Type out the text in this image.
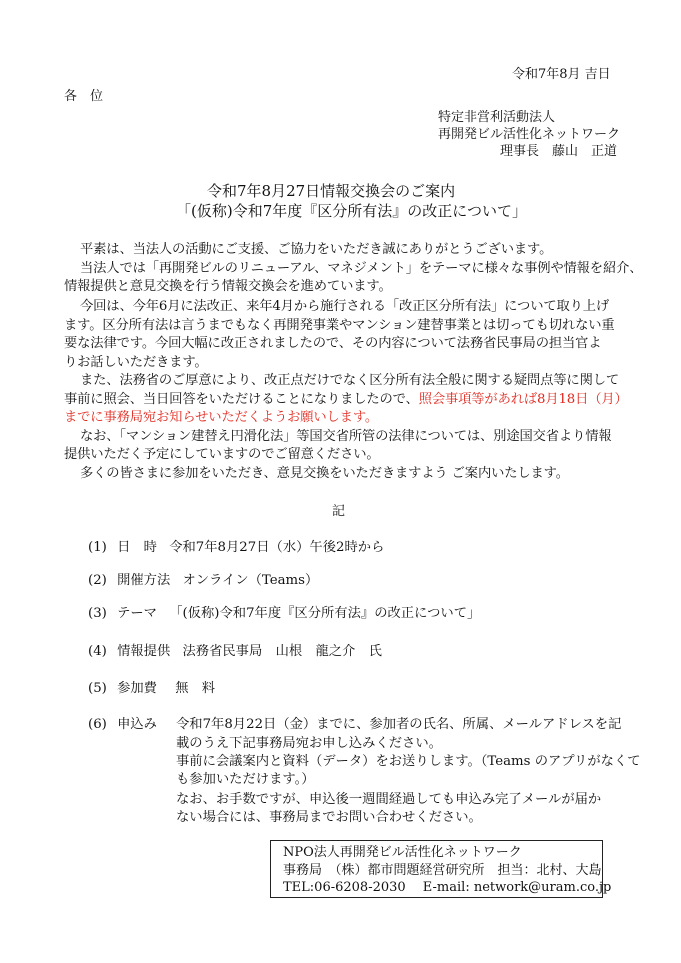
令和7年8月 吉日
各　位
特定非営利活動法人
再開発ビル活性化ネットワーク
理事長　藤山　正道
令和7年8月27日情報交換会のご案内
「(仮称)令和7年度『区分所有法』の改正について」
平素は、当法人の活動にご支援、ご協力をいただき誠にありがとうございます。
当法人では「再開発ビルのリニューアル、マネジメント」をテーマに様々な事例や情報を紹介、
情報提供と意見交換を行う情報交換会を進めています。
今回は、今年6月に法改正、来年4月から施行される「改正区分所有法」について取り上げ
ます。区分所有法は言うまでもなく再開発事業やマンション建替事業とは切っても切れない重
要な法律です。今回大幅に改正されましたので、その内容について法務省民事局の担当官よ
りお話しいただきます。
また、法務省のご厚意により、改正点だけでなく区分所有法全般に関する疑問点等に関して
事前に照会、当日回答をいただけることになりましたので、照会事項等があれば8月18日（月）
までに事務局宛お知らせいただくようお願いします。
なお、「マンション建替え円滑化法」等国交省所管の法律については、別途国交省より情報
提供いただく予定にしていますのでご留意ください。
多くの皆さまに参加をいただき、意見交換をいただきますよう ご案内いたします。
記
(1) 日　時 令和7年8月27日（水）午後2時から
(2) 開催方法 オンライン（Teams）
(3) テーマ 「(仮称)令和7年度『区分所有法』の改正について」
(4) 情報提供 法務省民事局　山根　龍之介　氏
(5) 参加費 無　料
(6) 申込み 令和7年8月22日（金）までに、参加者の氏名、所属、メールアドレスを記
載のうえ下記事務局宛お申し込みください。
事前に会議案内と資料（データ）をお送りします。（Teams のアプリがなくて
も参加いただけます。）
なお、お手数ですが、申込後一週間経過しても申込み完了メールが届か
ない場合には、事務局までお問い合わせください。
NPO法人再開発ビル活性化ネットワーク
事務局　（株）都市問題経営研究所　担当：北村、大島
TEL:06-6208-2030　 E-mail: network@uram.co.jp
